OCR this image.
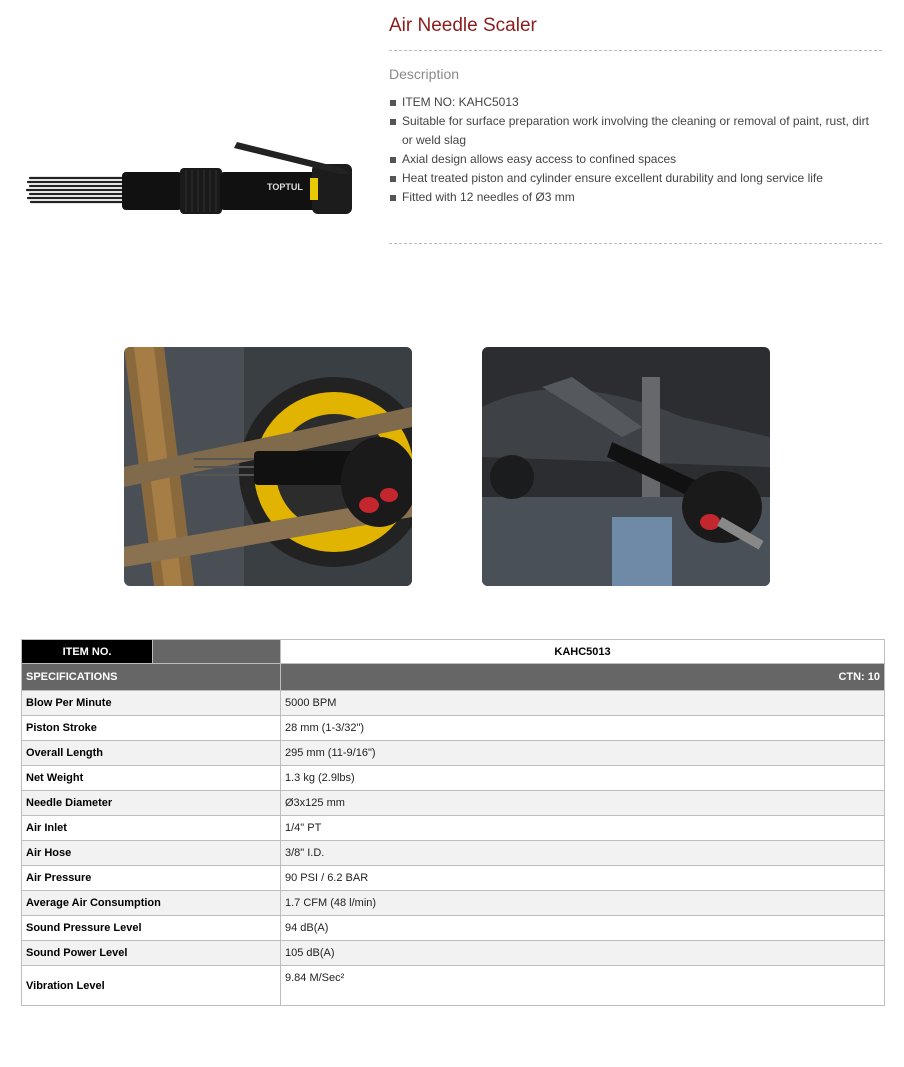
TOPTUL
Air Needle Scaler
Description
ITEM NO: KAHC5013
Suitable for surface preparation work involving the cleaning or removal of paint, rust, dirt or weld slag
Axial design allows easy access to confined spaces
Heat treated piston and cylinder ensure excellent durability and long service life
Fitted with 12 needles of Ø3 mm
ITEM NO.		KAHC5013
SPECIFICATIONS		CTN: 10
Blow Per Minute		5000 BPM
Piston Stroke		28 mm (1-3/32")
Overall Length		295 mm (11-9/16")
Net Weight		1.3 kg (2.9lbs)
Needle Diameter		Ø3x125 mm
Air Inlet		1/4" PT
Air Hose		3/8" I.D.
Air Pressure		90 PSI / 6.2 BAR
Average Air Consumption		1.7 CFM (48 l/min)
Sound Pressure Level		94 dB(A)
Sound Power Level		105 dB(A)
Vibration Level		9.84 M/Sec²
